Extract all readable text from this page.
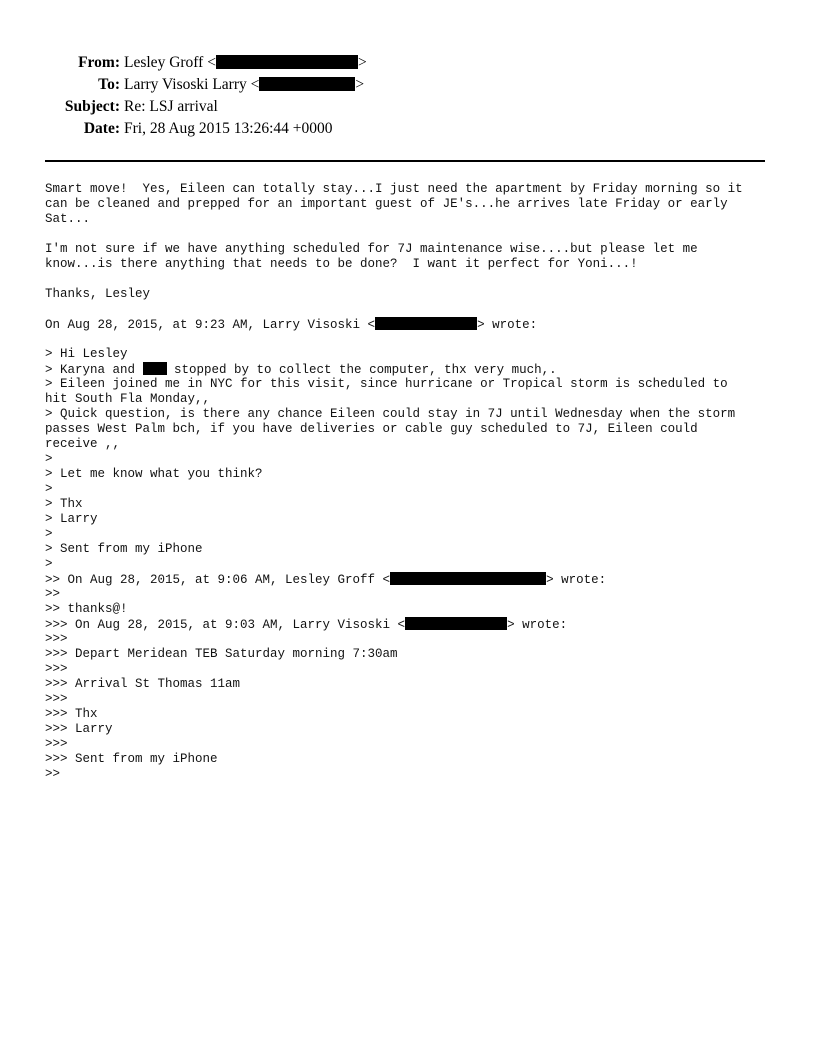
From: Lesley Groff <	>
To: Larry Visoski Larry <	>
Subject: Re: LSJ arrival
Date: Fri, 28 Aug 2015 13:26:44 +0000
Smart move!  Yes, Eileen can totally stay...I just need the apartment by Friday morning so it
can be cleaned and prepped for an important guest of JE's...he arrives late Friday or early
Sat...
I'm not sure if we have anything scheduled for 7J maintenance wise....but please let me
know...is there anything that needs to be done?  I want it perfect for Yoni...!
Thanks, Lesley
On Aug 28, 2015, at 9:23 AM, Larry Visoski <	> wrote:
> Hi Lesley
> Karyna and  stopped by to collect the computer, thx very much,.
> Eileen joined me in NYC for this visit, since hurricane or Tropical storm is scheduled to
hit South Fla Monday,,
> Quick question, is there any chance Eileen could stay in 7J until Wednesday when the storm
passes West Palm bch, if you have deliveries or cable guy scheduled to 7J, Eileen could
receive ,,
>
> Let me know what you think?
>
> Thx
> Larry
>
> Sent from my iPhone
>
>> On Aug 28, 2015, at 9:06 AM, Lesley Groff <	> wrote:
>>
>> thanks@!
>>> On Aug 28, 2015, at 9:03 AM, Larry Visoski <	> wrote:
>>>
>>> Depart Meridean TEB Saturday morning 7:30am
>>>
>>> Arrival St Thomas 11am
>>>
>>> Thx
>>> Larry
>>>
>>> Sent from my iPhone
>>
